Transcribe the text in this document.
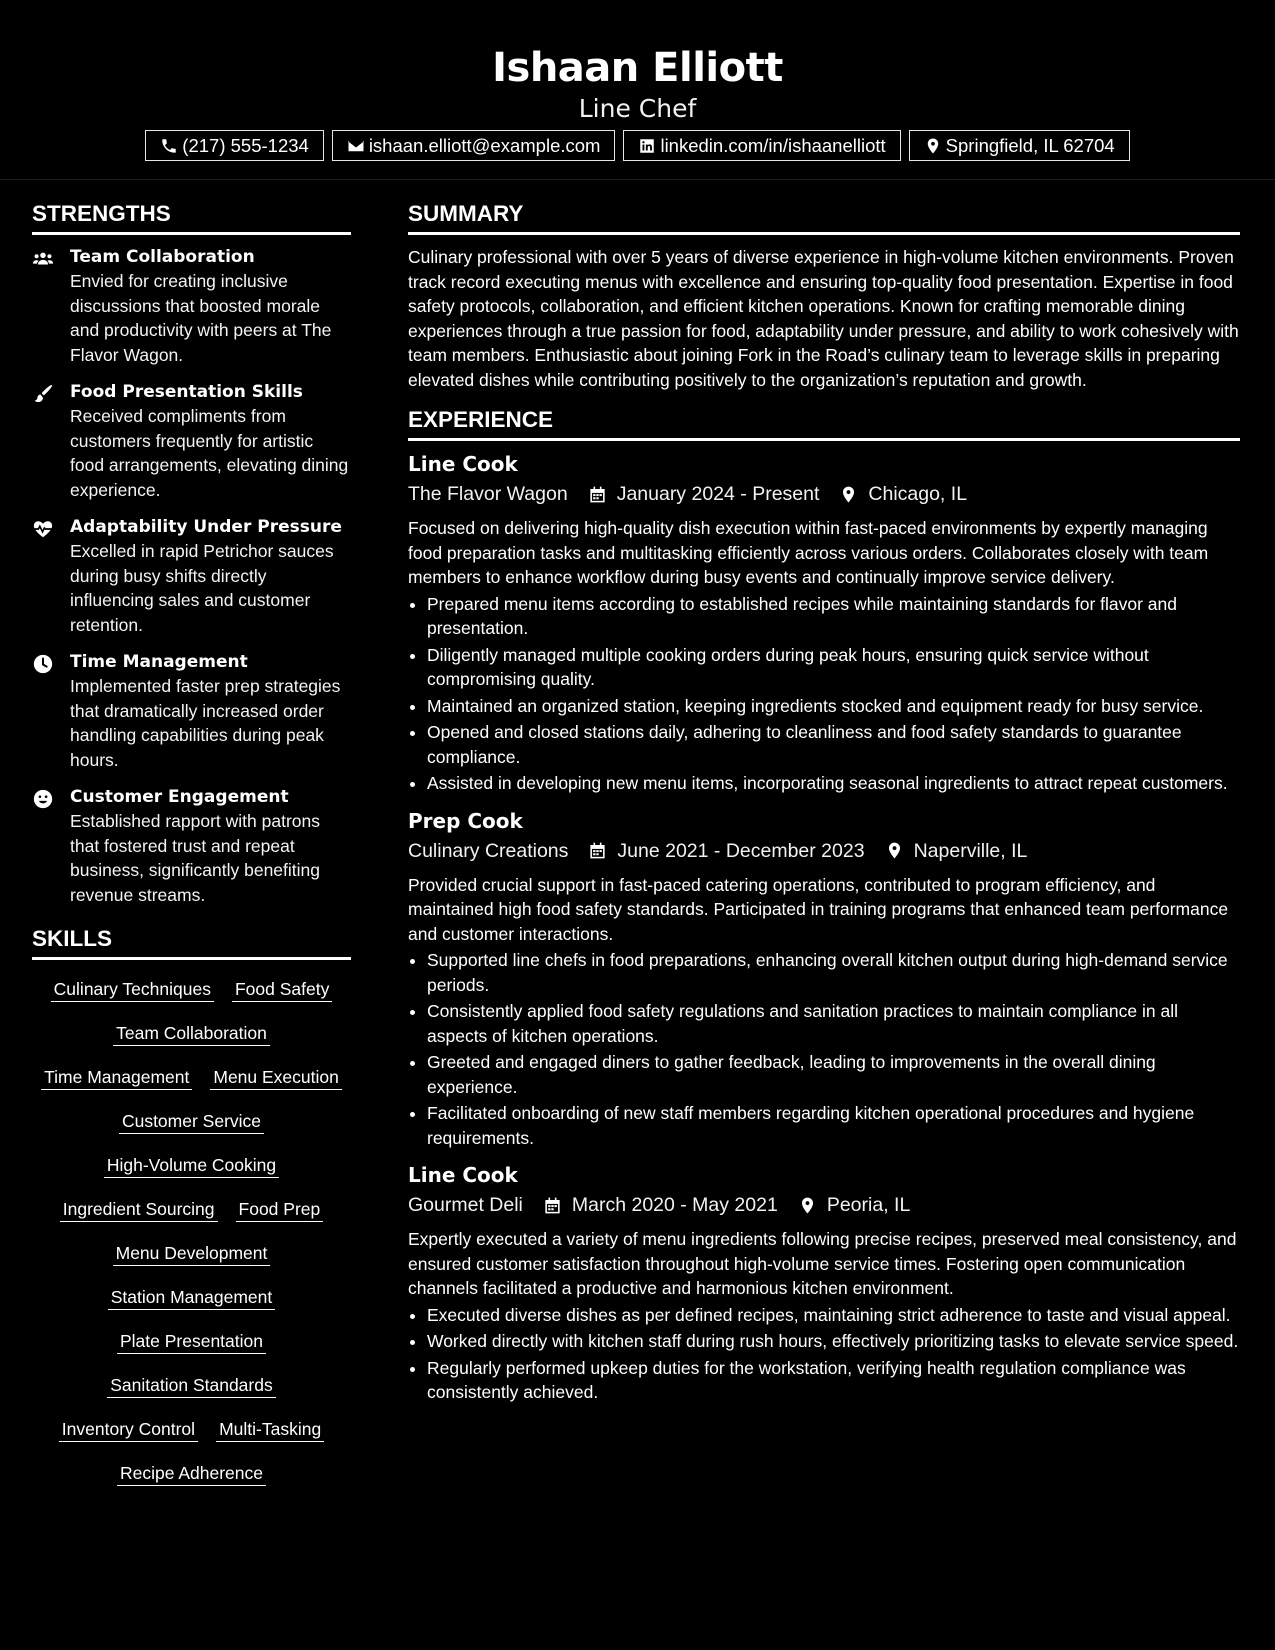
Ishaan Elliott
Line Chef
(217) 555-1234	ishaan.elliott@example.com	linkedin.com/in/ishaanelliott	Springfield, IL 62704
STRENGTHS
Team Collaboration
Envied for creating inclusive discussions that boosted morale and productivity with peers at The Flavor Wagon.
Food Presentation Skills
Received compliments from customers frequently for artistic food arrangements, elevating dining experience.
Adaptability Under Pressure
Excelled in rapid Petrichor sauces during busy shifts directly influencing sales and customer retention.
Time Management
Implemented faster prep strategies that dramatically increased order handling capabilities during peak hours.
Customer Engagement
Established rapport with patrons that fostered trust and repeat business, significantly benefiting revenue streams.
SKILLS
Culinary Techniques Food Safety
Team Collaboration
Time Management Menu Execution
Customer Service
High-Volume Cooking
Ingredient Sourcing Food Prep
Menu Development
Station Management
Plate Presentation
Sanitation Standards
Inventory Control Multi-Tasking
Recipe Adherence
SUMMARY
Culinary professional with over 5 years of diverse experience in high-volume kitchen environments. Proven track record executing menus with excellence and ensuring top-quality food presentation. Expertise in food safety protocols, collaboration, and efficient kitchen operations. Known for crafting memorable dining experiences through a true passion for food, adaptability under pressure, and ability to work cohesively with team members. Enthusiastic about joining Fork in the Road’s culinary team to leverage skills in preparing elevated dishes while contributing positively to the organization’s reputation and growth.
EXPERIENCE
Line Cook
The Flavor Wagon	January 2024 - Present	Chicago, IL
Focused on delivering high-quality dish execution within fast-paced environments by expertly managing food preparation tasks and multitasking efficiently across various orders. Collaborates closely with team members to enhance workflow during busy events and continually improve service delivery.
• Prepared menu items according to established recipes while maintaining standards for flavor and presentation.
• Diligently managed multiple cooking orders during peak hours, ensuring quick service without compromising quality.
• Maintained an organized station, keeping ingredients stocked and equipment ready for busy service.
• Opened and closed stations daily, adhering to cleanliness and food safety standards to guarantee compliance.
• Assisted in developing new menu items, incorporating seasonal ingredients to attract repeat customers.
Prep Cook
Culinary Creations	June 2021 - December 2023	Naperville, IL
Provided crucial support in fast-paced catering operations, contributed to program efficiency, and maintained high food safety standards. Participated in training programs that enhanced team performance and customer interactions.
• Supported line chefs in food preparations, enhancing overall kitchen output during high-demand service periods.
• Consistently applied food safety regulations and sanitation practices to maintain compliance in all aspects of kitchen operations.
• Greeted and engaged diners to gather feedback, leading to improvements in the overall dining experience.
• Facilitated onboarding of new staff members regarding kitchen operational procedures and hygiene requirements.
Line Cook
Gourmet Deli	March 2020 - May 2021	Peoria, IL
Expertly executed a variety of menu ingredients following precise recipes, preserved meal consistency, and ensured customer satisfaction throughout high-volume service times. Fostering open communication channels facilitated a productive and harmonious kitchen environment.
• Executed diverse dishes as per defined recipes, maintaining strict adherence to taste and visual appeal.
• Worked directly with kitchen staff during rush hours, effectively prioritizing tasks to elevate service speed.
• Regularly performed upkeep duties for the workstation, verifying health regulation compliance was consistently achieved.
